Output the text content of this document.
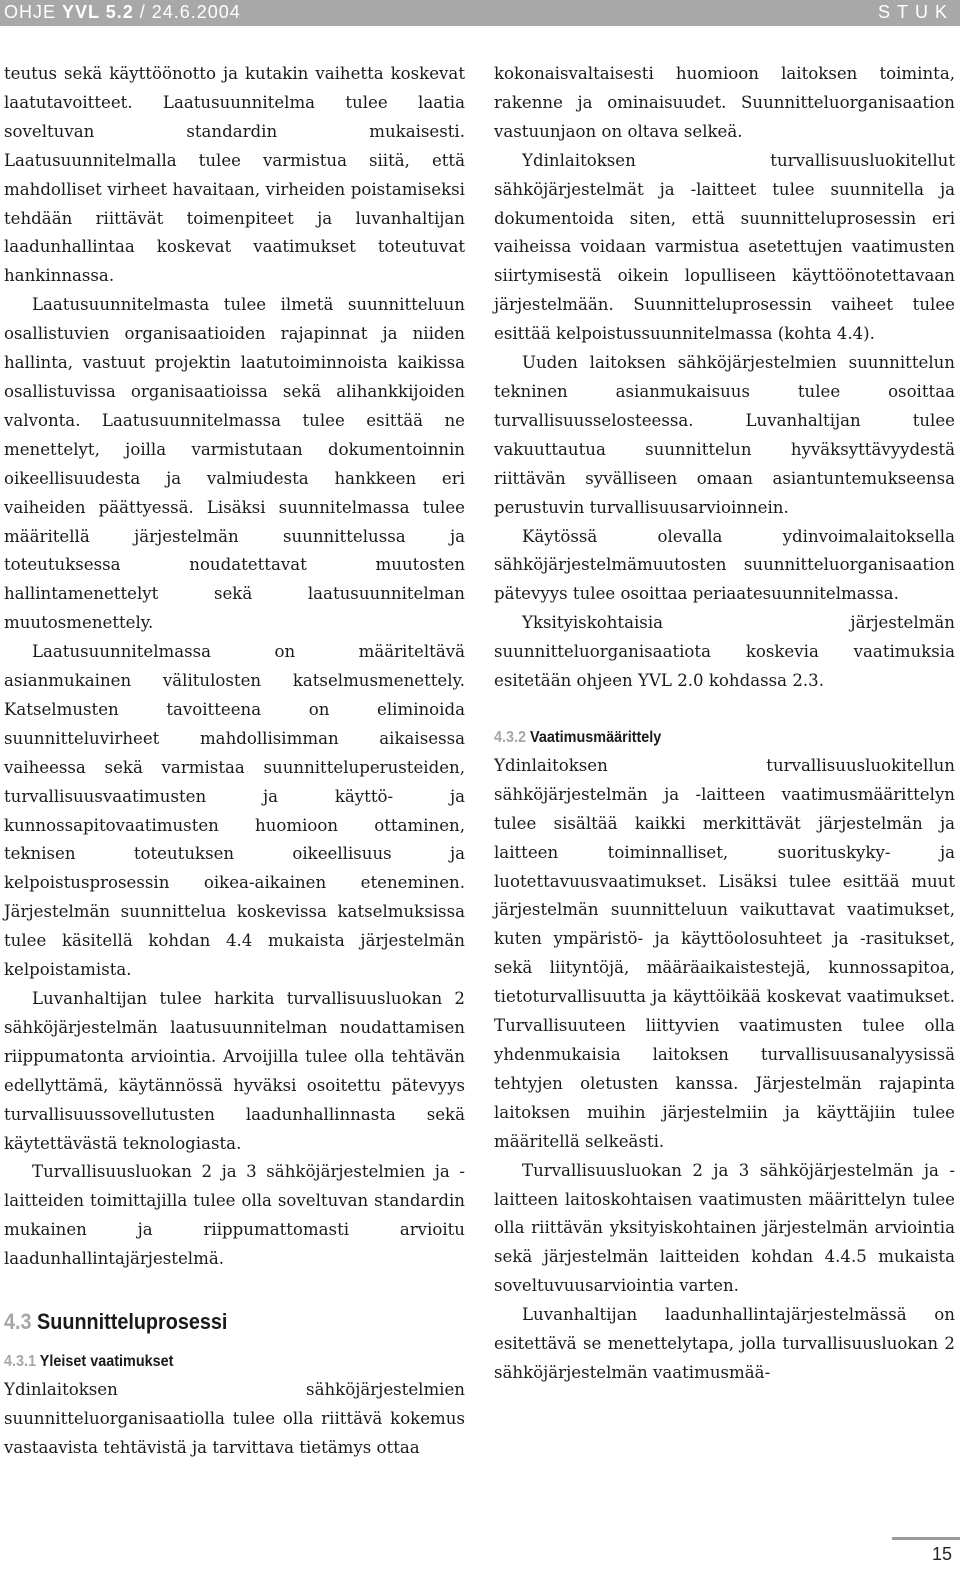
OHJE YVL 5.2 / 24.6.2004	STUK

teutus sekä käyttöönotto ja kutakin vaihetta koskevat laatutavoitteet. Laatusuunnitelma tulee laatia soveltuvan standardin mukaisesti. Laatusuunnitelmalla tulee varmistua siitä, että mahdolliset virheet havaitaan, virheiden poistamiseksi tehdään riittävät toimenpiteet ja luvanhaltijan laadunhallintaa koskevat vaatimukset toteutuvat hankinnassa.

Laatusuunnitelmasta tulee ilmetä suunnitteluun osallistuvien organisaatioiden rajapinnat ja niiden hallinta, vastuut projektin laatutoiminnoista kaikissa osallistuvissa organisaatioissa sekä alihankkijoiden valvonta. Laatusuunnitelmassa tulee esittää ne menettelyt, joilla varmistutaan dokumentoinnin oikeellisuudesta ja valmiudesta hankkeen eri vaiheiden päättyessä. Lisäksi suunnitelmassa tulee määritellä järjestelmän suunnittelussa ja toteutuksessa noudatettavat muutosten hallintamenettelyt sekä laatusuunnitelman muutosmenettely.

Laatusuunnitelmassa on määriteltävä asianmukainen välitulosten katselmusmenettely. Katselmusten tavoitteena on eliminoida suunnitteluvirheet mahdollisimman aikaisessa vaiheessa sekä varmistaa suunnitteluperusteiden, turvallisuusvaatimusten ja käyttö- ja kunnossapitovaatimusten huomioon ottaminen, teknisen toteutuksen oikeellisuus ja kelpoistusprosessin oikea-aikainen eteneminen. Järjestelmän suunnittelua koskevissa katselmuksissa tulee käsitellä kohdan 4.4 mukaista järjestelmän kelpoistamista.

Luvanhaltijan tulee harkita turvallisuusluokan 2 sähköjärjestelmän laatusuunnitelman noudattamisen riippumatonta arviointia. Arvoijilla tulee olla tehtävän edellyttämä, käytännössä hyväksi osoitettu pätevyys turvallisuussovellutusten laadunhallinnasta sekä käytettävästä teknologiasta.

Turvallisuusluokan 2 ja 3 sähköjärjestelmien ja -laitteiden toimittajilla tulee olla soveltuvan standardin mukainen ja riippumattomasti arvioitu laadunhallintajärjestelmä.

4.3 Suunnitteluprosessi
4.3.1 Yleiset vaatimukset

Ydinlaitoksen sähköjärjestelmien suunnitteluorganisaatiolla tulee olla riittävä kokemus vastaavista tehtävistä ja tarvittava tietämys ottaa

kokonaisvaltaisesti huomioon laitoksen toiminta, rakenne ja ominaisuudet. Suunnitteluorganisaation vastuunjaon on oltava selkeä.

Ydinlaitoksen turvallisuusluokitellut sähköjärjestelmät ja -laitteet tulee suunnitella ja dokumentoida siten, että suunnitteluprosessin eri vaiheissa voidaan varmistua asetettujen vaatimusten siirtymisestä oikein lopulliseen käyttöönotettavaan järjestelmään. Suunnitteluprosessin vaiheet tulee esittää kelpoistussuunnitelmassa (kohta 4.4).

Uuden laitoksen sähköjärjestelmien suunnittelun tekninen asianmukaisuus tulee osoittaa turvallisuusselosteessa. Luvanhaltijan tulee vakuuttautua suunnittelun hyväksyttävyydestä riittävän syvälliseen omaan asiantuntemukseensa perustuvin turvallisuusarvioinnein.

Käytössä olevalla ydinvoimalaitoksella sähköjärjestelmämuutosten suunnitteluorganisaation pätevyys tulee osoittaa periaatesuunnitelmassa.

Yksityiskohtaisia järjestelmän suunnitteluorganisaatiota koskevia vaatimuksia esitetään ohjeen YVL 2.0 kohdassa 2.3.

4.3.2 Vaatimusmäärittely

Ydinlaitoksen turvallisuusluokitellun sähköjärjestelmän ja -laitteen vaatimusmäärittelyn tulee sisältää kaikki merkittävät järjestelmän ja laitteen toiminnalliset, suorituskyky- ja luotettavuusvaatimukset. Lisäksi tulee esittää muut järjestelmän suunnitteluun vaikuttavat vaatimukset, kuten ympäristö- ja käyttöolosuhteet ja -rasitukset, sekä liityntöjä, määräaikaistestejä, kunnossapitoa, tietoturvallisuutta ja käyttöikää koskevat vaatimukset. Turvallisuuteen liittyvien vaatimusten tulee olla yhdenmukaisia laitoksen turvallisuusanalyysissä tehtyjen oletusten kanssa. Järjestelmän rajapinta laitoksen muihin järjestelmiin ja käyttäjiin tulee määritellä selkeästi.

Turvallisuusluokan 2 ja 3 sähköjärjestelmän ja -laitteen laitoskohtaisen vaatimusten määrittelyn tulee olla riittävän yksityiskohtainen järjestelmän arviointia sekä järjestelmän laitteiden kohdan 4.4.5 mukaista soveltuvuusarviointia varten.

Luvanhaltijan laadunhallintajärjestelmässä on esitettävä se menettelytapa, jolla turvallisuusluokan 2 sähköjärjestelmän vaatimusmää-

15
